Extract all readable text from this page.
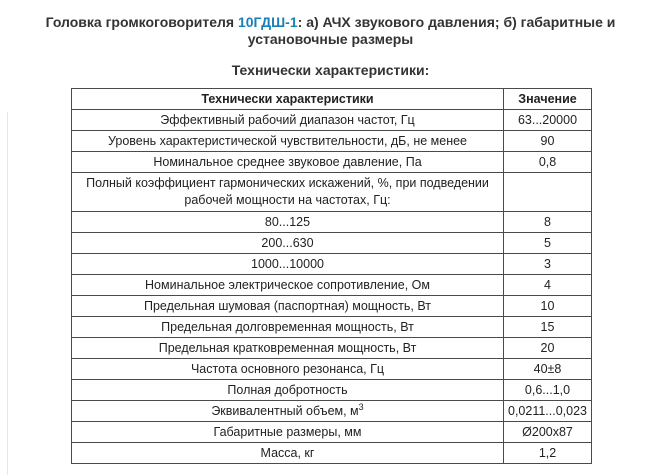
Головка громкоговорителя 10ГДШ-1: а) АЧХ звукового давления; б) габаритные и установочные размеры
Технически характеристики:
Технически характеристики	Значение
Эффективный рабочий диапазон частот, Гц	63...20000
Уровень характеристической чувствительности, дБ, не менее	90
Номинальное среднее звуковое давление, Па	0,8
Полный коэффициент гармонических искажений, %, при подведении рабочей мощности на частотах, Гц:	
80...125	8
200...630	5
1000...10000	3
Номинальное электрическое сопротивление, Ом	4
Предельная шумовая (паспортная) мощность, Вт	10
Предельная долговременная мощность, Вт	15
Предельная кратковременная мощность, Вт	20
Частота основного резонанса, Гц	40±8
Полная добротность	0,6...1,0
Эквивалентный объем, $м^3$	0,0211...0,023
Габаритные размеры, мм	Ø200x87
Масса, кг	1,2
